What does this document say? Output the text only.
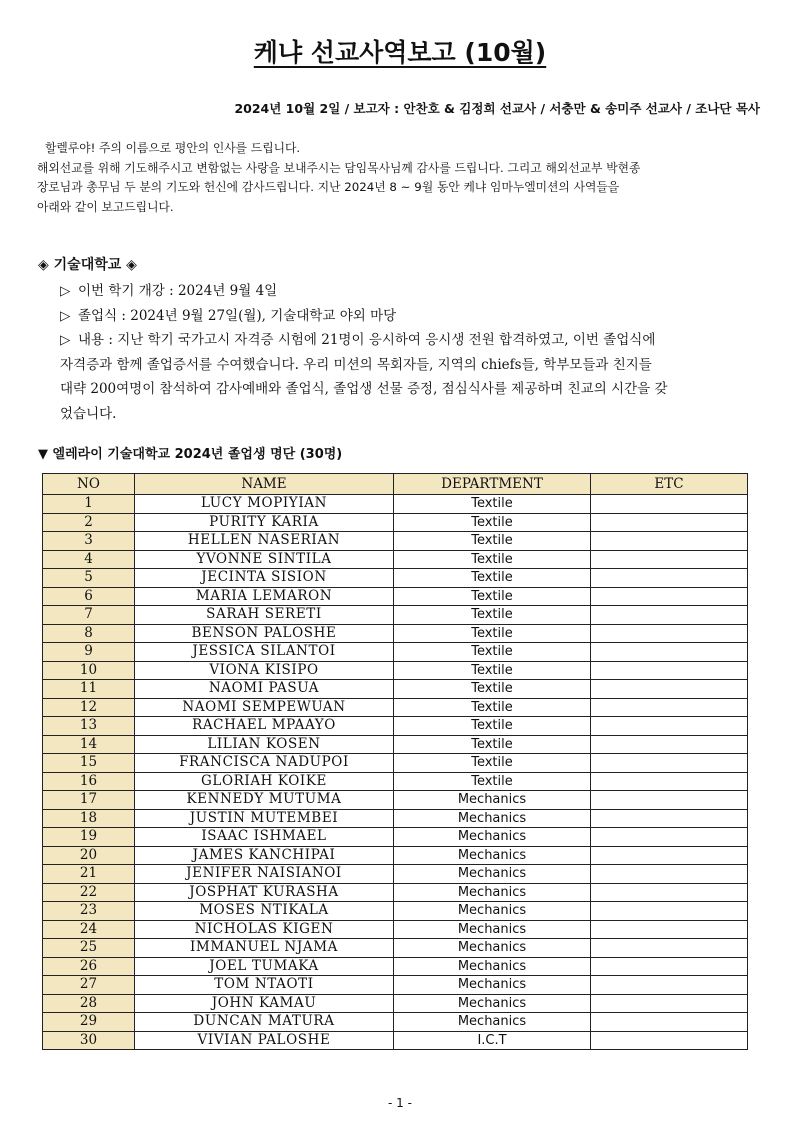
케냐 선교사역보고 (10월)
2024년 10월 2일 / 보고자 : 안찬호 & 김정희 선교사 / 서충만 & 송미주 선교사 / 조나단 목사

할렐루야! 주의 이름으로 평안의 인사를 드립니다.

해외선교를 위해 기도해주시고 변함없는 사랑을 보내주시는 담임목사님께 감사를 드립니다. 그리고 해외선교부 박현종

장로님과 총무님 두 분의 기도와 헌신에 감사드립니다. 지난 2024년 8 ~ 9월 동안 케냐 임마누엘미션의 사역들을

아래와 같이 보고드립니다.

◈ 기술대학교 ◈

▷ 이번 학기 개강 : 2024년 9월 4일

▷ 졸업식 : 2024년 9월 27일(월), 기술대학교 야외 마당

▷ 내용 : 지난 학기 국가고시 자격증 시험에 21명이 응시하여 응시생 전원 합격하였고, 이번 졸업식에

자격증과 함께 졸업증서를 수여했습니다. 우리 미션의 목회자들, 지역의 chiefs들, 학부모들과 친지들

대략 200여명이 참석하여 감사예배와 졸업식, 졸업생 선물 증정, 점심식사를 제공하며 친교의 시간을 갖

었습니다.

▼ 엘레라이 기술대학교 2024년 졸업생 명단 (30명)
NO	NAME	DEPARTMENT	ETC
1	LUCY MOPIYIAN	Textile	
2	PURITY KARIA	Textile	
3	HELLEN NASERIAN	Textile	
4	YVONNE SINTILA	Textile	
5	JECINTA SISION	Textile	
6	MARIA LEMARON	Textile	
7	SARAH SERETI	Textile	
8	BENSON PALOSHE	Textile	
9	JESSICA SILANTOI	Textile	
10	VIONA KISIPO	Textile	
11	NAOMI PASUA	Textile	
12	NAOMI SEMPEWUAN	Textile	
13	RACHAEL MPAAYO	Textile	
14	LILIAN KOSEN	Textile	
15	FRANCISCA NADUPOI	Textile	
16	GLORIAH KOIKE	Textile	
17	KENNEDY MUTUMA	Mechanics	
18	JUSTIN MUTEMBEI	Mechanics	
19	ISAAC ISHMAEL	Mechanics	
20	JAMES KANCHIPAI	Mechanics	
21	JENIFER NAISIANOI	Mechanics	
22	JOSPHAT KURASHA	Mechanics	
23	MOSES NTIKALA	Mechanics	
24	NICHOLAS KIGEN	Mechanics	
25	IMMANUEL NJAMA	Mechanics	
26	JOEL TUMAKA	Mechanics	
27	TOM NTAOTI	Mechanics	
28	JOHN KAMAU	Mechanics	
29	DUNCAN MATURA	Mechanics	
30	VIVIAN PALOSHE	I.C.T	
- 1 -
